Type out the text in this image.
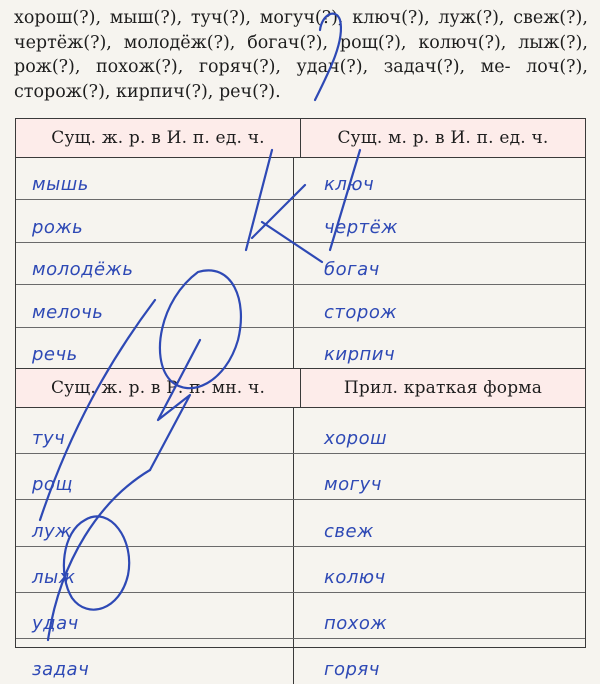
хорош(?), мыш(?), туч(?), могуч(?), ключ(?), луж(?), свеж(?), чертёж(?), молодёж(?), богач(?), рощ(?), колюч(?), лыж(?), рож(?), похож(?), горяч(?), удач(?), задач(?), ме- лоч(?), сторож(?), кирпич(?), реч(?).
Сущ. ж. р. в И. п. ед. ч.	Сущ. м. р. в И. п. ед. ч.
мышь	ключ
рожь	чертёж
молодёжь	богач
мелочь	сторож
речь	кирпич
Сущ. ж. р. в Р. п. мн. ч.	Прил. краткая форма
туч	хорош
рощ	могуч
луж	свеж
лыж	колюч
удач	похож
задач	горяч
